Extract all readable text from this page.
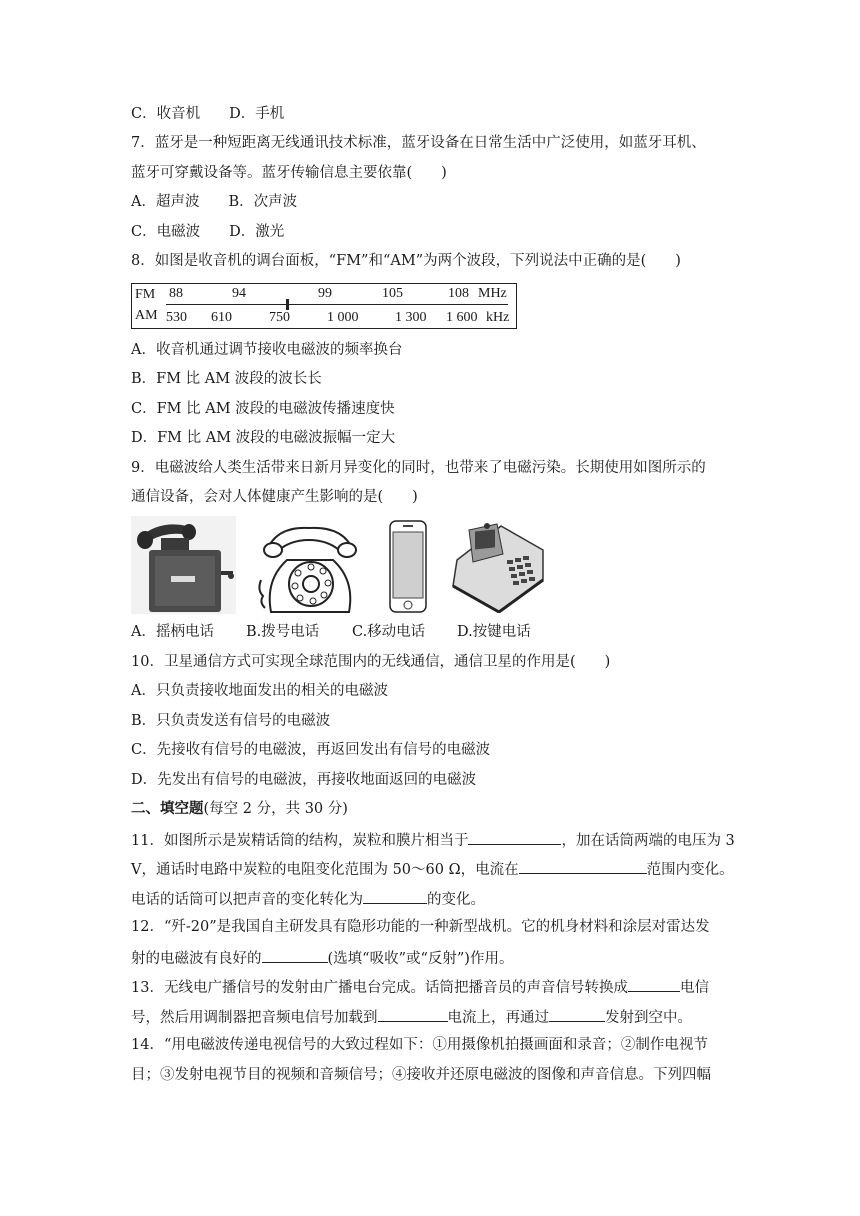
C．收音机　　D．手机
7．蓝牙是一种短距离无线通讯技术标准，蓝牙设备在日常生活中广泛使用，如蓝牙耳机、
蓝牙可穿戴设备等。蓝牙传输信息主要依靠(　　)
A．超声波　　B．次声波
C．电磁波　　D．激光
8．如图是收音机的调台面板，“FM”和“AM”为两个波段，下列说法中正确的是(　　)
FM 88	94	99	105	108 MHz
AM 530 610	750	1 000	1 300 1 600 kHz
A．收音机通过调节接收电磁波的频率换台
B．FM 比 AM 波段的波长长
C．FM 比 AM 波段的电磁波传播速度快
D．FM 比 AM 波段的电磁波振幅一定大
9．电磁波给人类生活带来日新月异变化的同时，也带来了电磁污染。长期使用如图所示的
通信设备，会对人体健康产生影响的是(　　)
A．摇柄电话 B.拨号电话 C.移动电话 D.按键电话
10．卫星通信方式可实现全球范围内的无线通信，通信卫星的作用是(　　)
A．只负责接收地面发出的相关的电磁波
B．只负责发送有信号的电磁波
C．先接收有信号的电磁波，再返回发出有信号的电磁波
D．先发出有信号的电磁波，再接收地面返回的电磁波
二、填空题(每空 2 分，共 30 分)
11．如图所示是炭精话筒的结构，炭粒和膜片相当于	，加在话筒两端的电压为 3
V，通话时电路中炭粒的电阻变化范围为 50～60 Ω，电流在	范围内变化。
电话的话筒可以把声音的变化转化为	的变化。
12．“歼-20”是我国自主研发具有隐形功能的一种新型战机。它的机身材料和涂层对雷达发
射的电磁波有良好的	(选填“吸收”或“反射”)作用。
13．无线电广播信号的发射由广播电台完成。话筒把播音员的声音信号转换成	电信
号，然后用调制器把音频电信号加载到	电流上，再通过	发射到空中。
14．“用电磁波传递电视信号的大致过程如下：①用摄像机拍摄画面和录音；②制作电视节
目；③发射电视节目的视频和音频信号；④接收并还原电磁波的图像和声音信息。下列四幅
